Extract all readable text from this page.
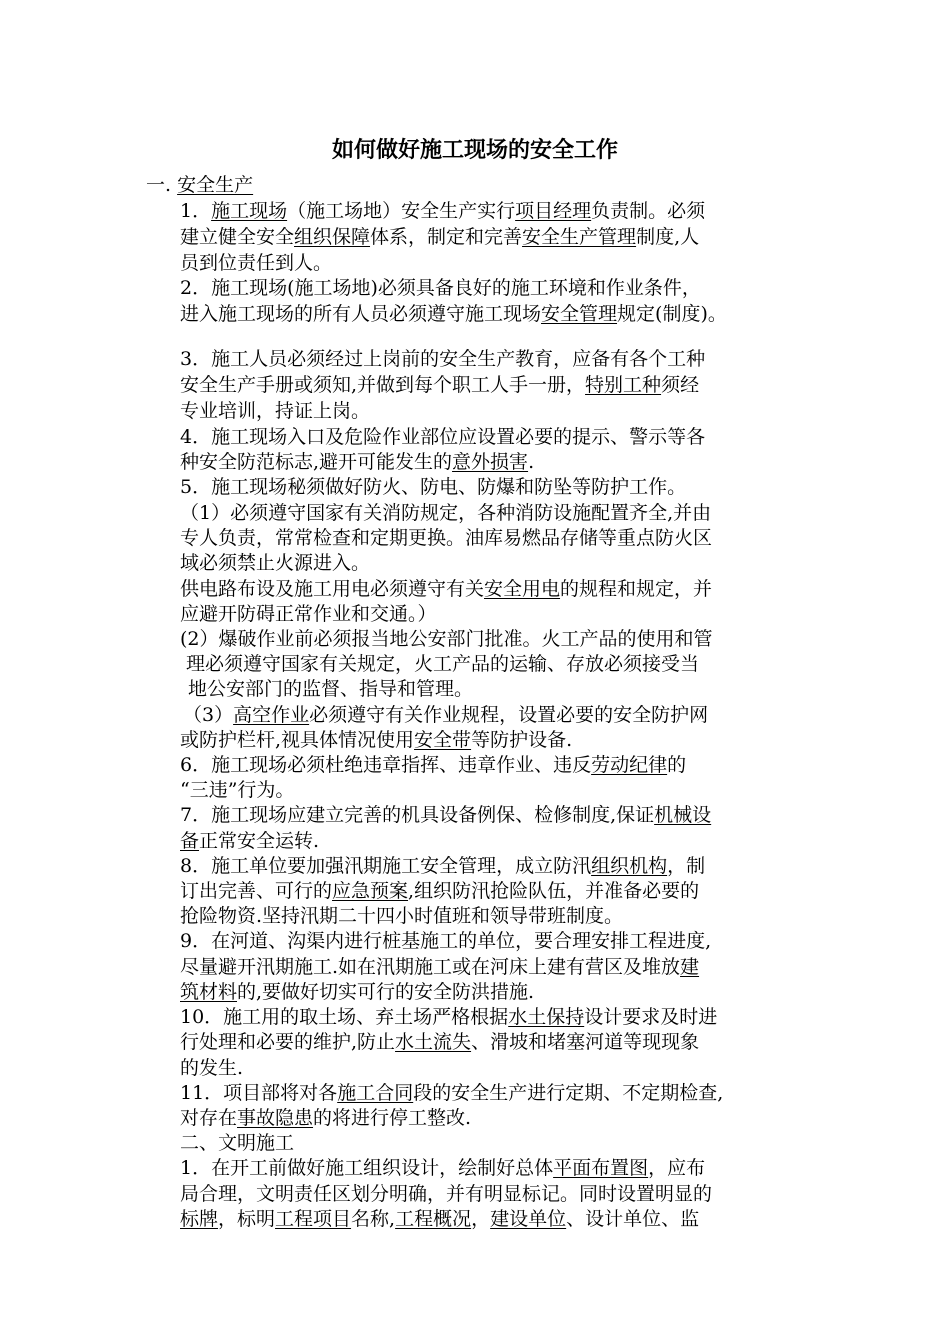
如何做好施工现场的安全工作
一. 安全生产
1．施工现场（施工场地）安全生产实行项目经理负责制。必须
建立健全安全组织保障体系，制定和完善安全生产管理制度,人
员到位责任到人。
2．施工现场(施工场地)必须具备良好的施工环境和作业条件，
进入施工现场的所有人员必须遵守施工现场安全管理规定(制度)。
3．施工人员必须经过上岗前的安全生产教育，应备有各个工种
安全生产手册或须知,并做到每个职工人手一册，特别工种须经
专业培训，持证上岗。
4．施工现场入口及危险作业部位应设置必要的提示、警示等各
种安全防范标志,避开可能发生的意外损害.
5．施工现场秘须做好防火、防电、防爆和防坠等防护工作。
（1）必须遵守国家有关消防规定，各种消防设施配置齐全,并由
专人负责，常常检查和定期更换。油库易燃品存储等重点防火区
域必须禁止火源进入。
供电路布设及施工用电必须遵守有关安全用电的规程和规定，并
应避开防碍正常作业和交通。）
(2）爆破作业前必须报当地公安部门批准。火工产品的使用和管
理必须遵守国家有关规定，火工产品的运输、存放必须接受当
地公安部门的监督、指导和管理。
（3）高空作业必须遵守有关作业规程，设置必要的安全防护网
或防护栏杆,视具体情况使用安全带等防护设备.
6．施工现场必须杜绝违章指挥、违章作业、违反劳动纪律的
“三违”行为。
7．施工现场应建立完善的机具设备例保、检修制度,保证机械设
备正常安全运转.
8．施工单位要加强汛期施工安全管理，成立防汛组织机构，制
订出完善、可行的应急预案,组织防汛抢险队伍，并准备必要的
抢险物资.坚持汛期二十四小时值班和领导带班制度。
9．在河道、沟渠内进行桩基施工的单位，要合理安排工程进度,
尽量避开汛期施工.如在汛期施工或在河床上建有营区及堆放建
筑材料的,要做好切实可行的安全防洪措施.
10．施工用的取土场、弃土场严格根据水土保持设计要求及时进
行处理和必要的维护,防止水土流失、滑坡和堵塞河道等现现象
的发生.
11．项目部将对各施工合同段的安全生产进行定期、不定期检查,
对存在事故隐患的将进行停工整改.
二、文明施工
1．在开工前做好施工组织设计，绘制好总体平面布置图，应布
局合理，文明责任区划分明确，并有明显标记。同时设置明显的
标牌，标明工程项目名称,工程概况，建设单位、设计单位、监
